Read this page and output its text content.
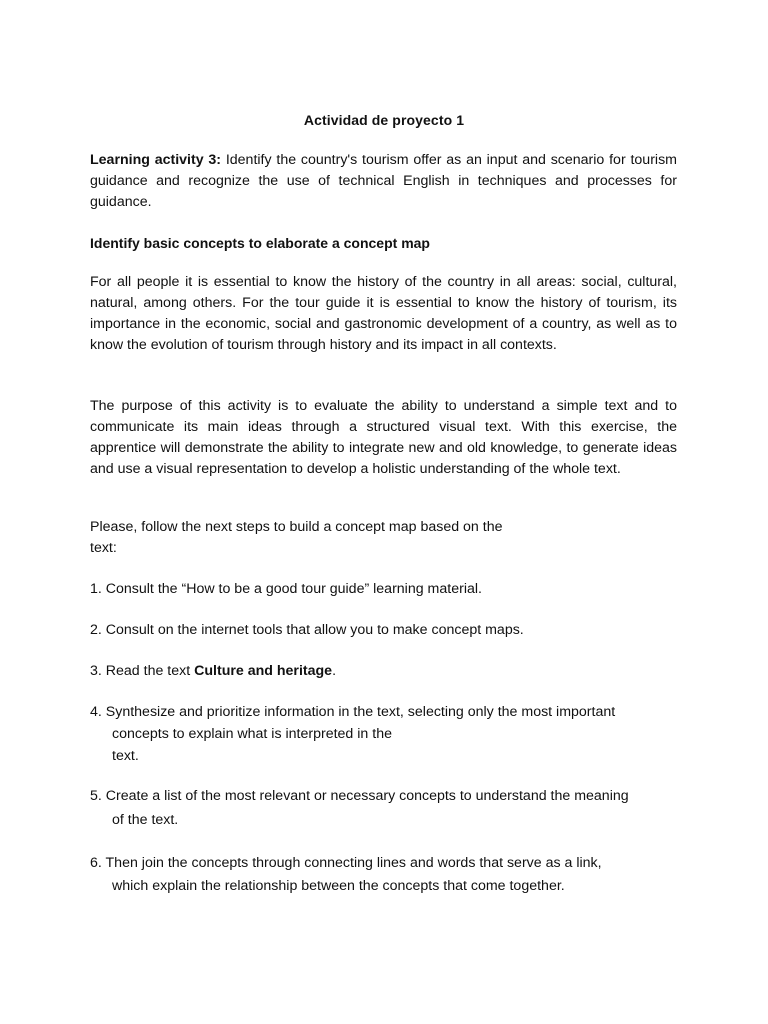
Actividad de proyecto 1
Learning activity 3: Identify the country's tourism offer as an input and scenario for tourism guidance and recognize the use of technical English in techniques and processes for guidance.
Identify basic concepts to elaborate a concept map
For all people it is essential to know the history of the country in all areas: social, cultural, natural, among others. For the tour guide it is essential to know the history of tourism, its importance in the economic, social and gastronomic development of a country, as well as to know the evolution of tourism through history and its impact in all contexts.
The purpose of this activity is to evaluate the ability to understand a simple text and to communicate its main ideas through a structured visual text. With this exercise, the apprentice will demonstrate the ability to integrate new and old knowledge, to generate ideas and use a visual representation to develop a holistic understanding of the whole text.
Please, follow the next steps to build a concept map based on the
text:
1. Consult the “How to be a good tour guide” learning material.
2. Consult on the internet tools that allow you to make concept maps.
3. Read the text Culture and heritage.
4. Synthesize and prioritize information in the text, selecting only the most important
concepts to explain what is interpreted in the
text.
5. Create a list of the most relevant or necessary concepts to understand the meaning
of the text.
6. Then join the concepts through connecting lines and words that serve as a link,
which explain the relationship between the concepts that come together.
